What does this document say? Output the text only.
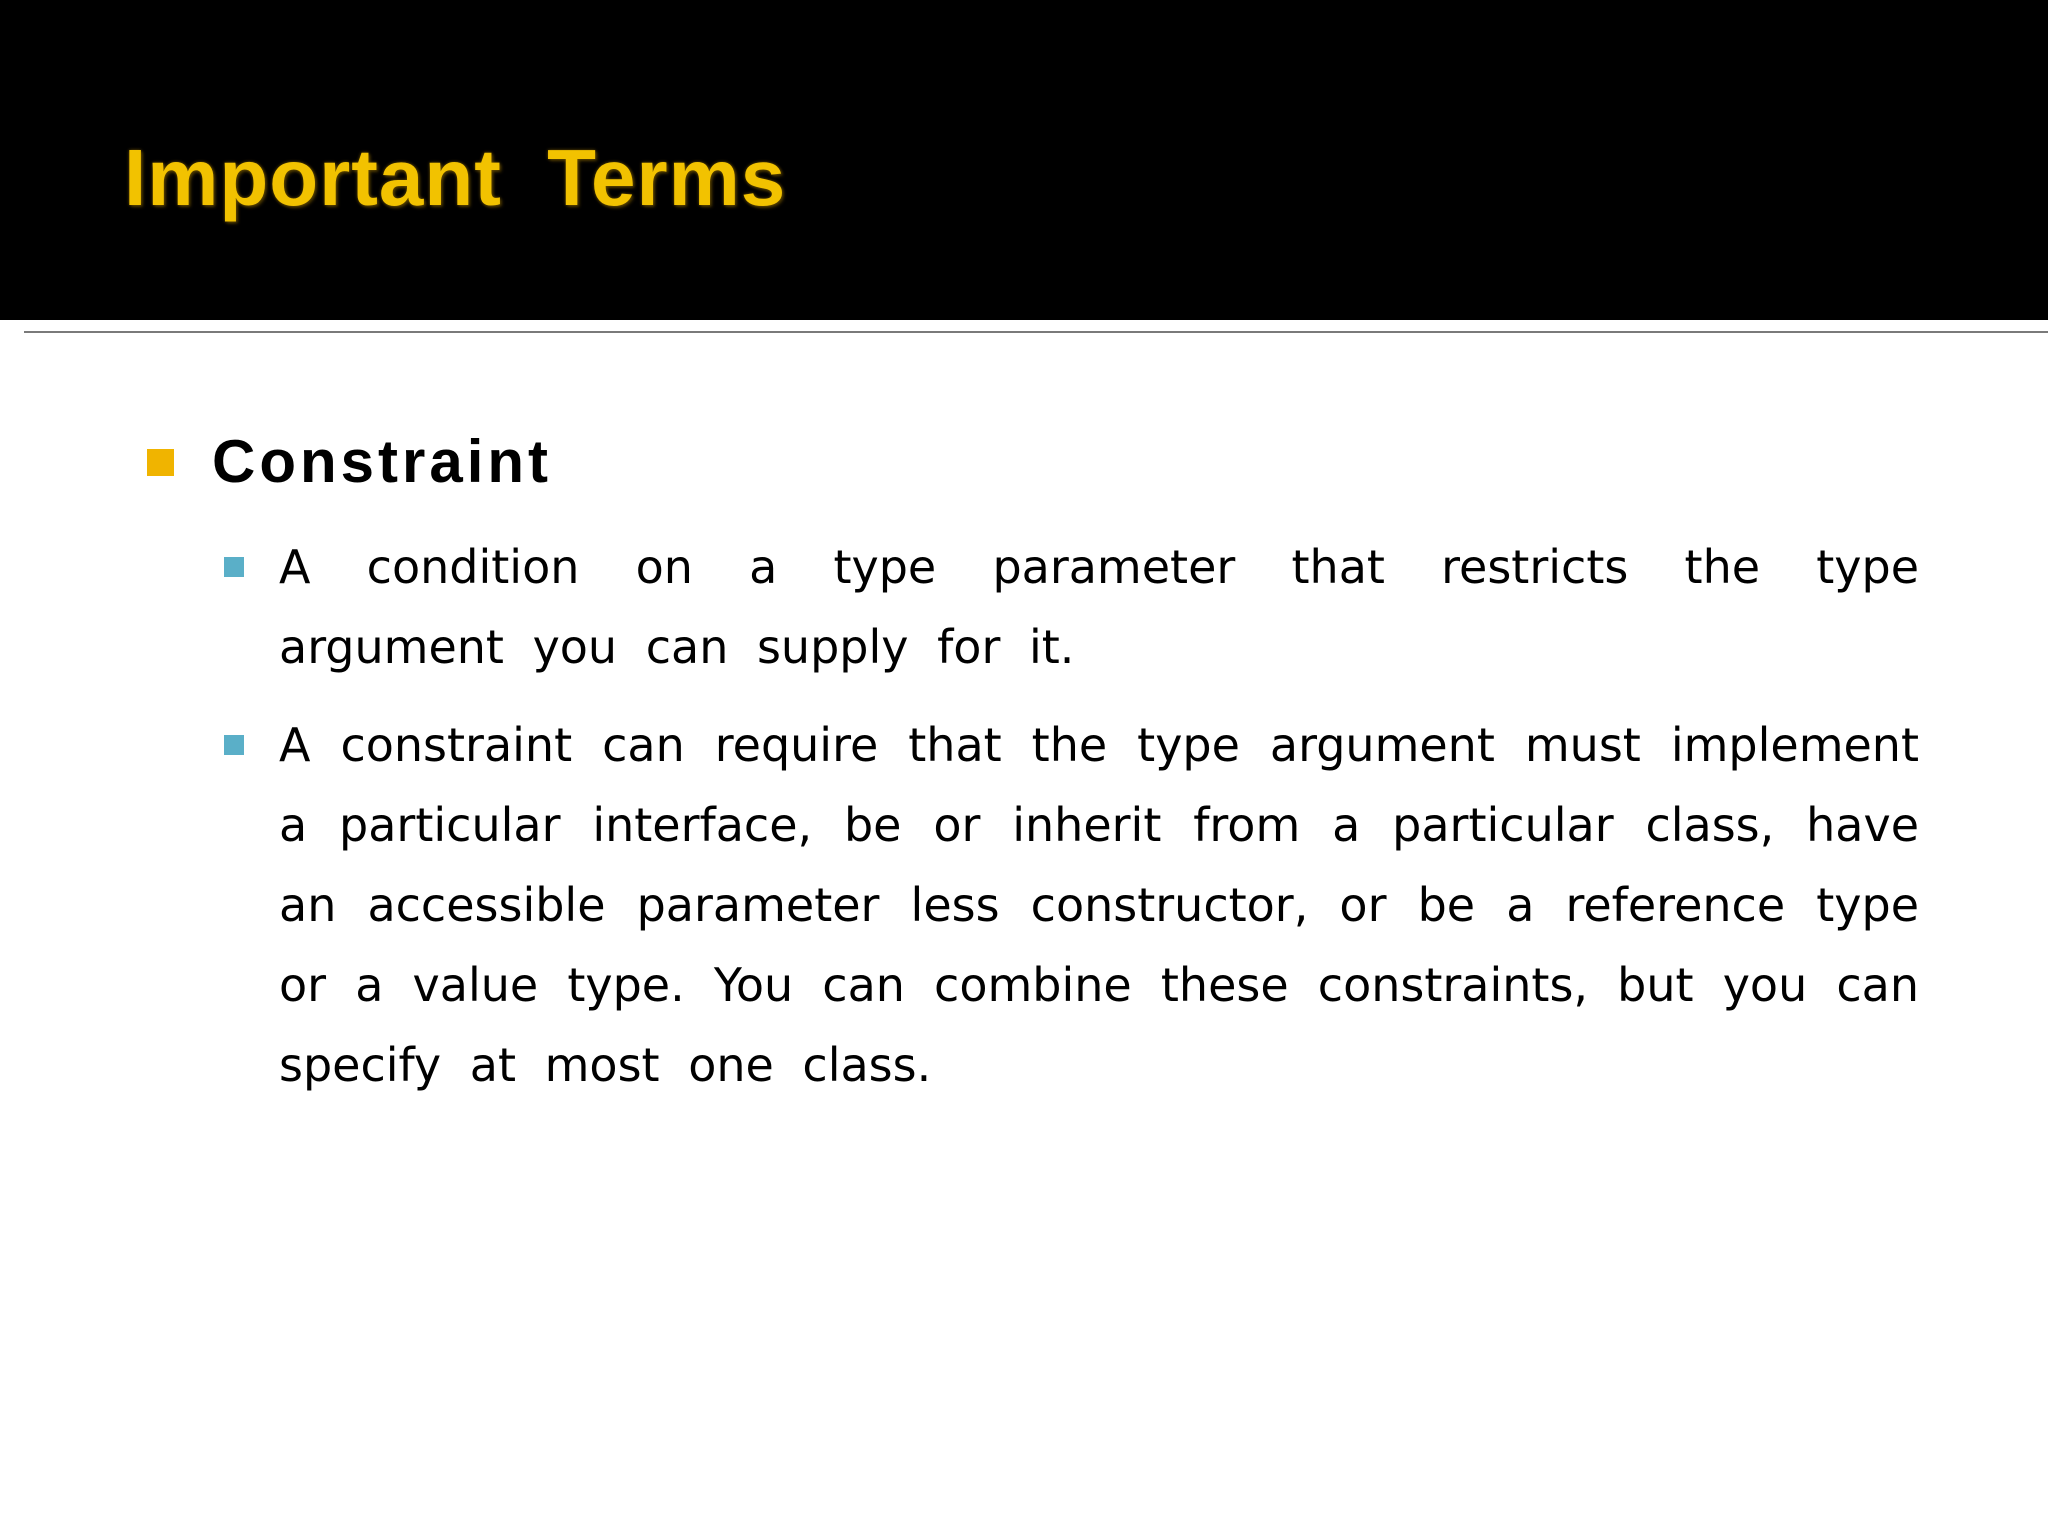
Important Terms
Constraint

A condition on a type parameter that restricts the type argument you can supply for it.

A constraint can require that the type argument must implement a particular interface, be or inherit from a particular class, have an accessible parameter less constructor, or be a reference type or a value type. You can combine these constraints, but you can specify at most one class.
